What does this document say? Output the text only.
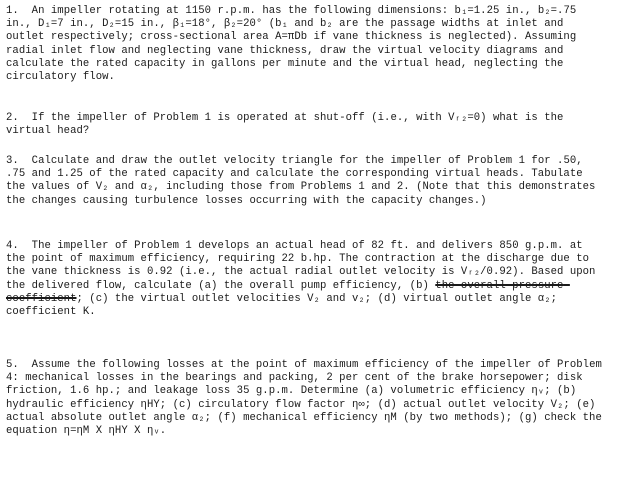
1. An impeller rotating at 1150 r.p.m. has the following dimensions: b₁=1.25 in., b₂=.75 in., D₁=7 in., D₂=15 in., β₁=18°, β₂=20° (b₁ and b₂ are the passage widths at inlet and outlet respectively; cross-sectional area A=πDb if vane thickness is neglected). Assuming radial inlet flow and neglecting vane thickness, draw the virtual velocity diagrams and calculate the rated capacity in gallons per minute and the virtual head, neglecting the circulatory flow.
2. If the impeller of Problem 1 is operated at shut-off (i.e., with Vᵣ₂=0) what is the virtual head?
3. Calculate and draw the outlet velocity triangle for the impeller of Problem 1 for .50, .75 and 1.25 of the rated capacity and calculate the corresponding virtual heads. Tabulate the values of V₂ and α₂, including those from Problems 1 and 2. (Note that this demonstrates the changes causing turbulence losses occurring with the capacity changes.)
4. The impeller of Problem 1 develops an actual head of 82 ft. and delivers 850 g.p.m. at the point of maximum efficiency, requiring 22 b.hp. The contraction at the discharge due to the vane thickness is 0.92 (i.e., the actual radial outlet velocity is Vᵣ₂/0.92). Based upon the delivered flow, calculate (a) the overall pump efficiency, (b) the overall pressure coefficient; (c) the virtual outlet velocities V₂ and v₂; (d) virtual outlet angle α₂; coefficient K.
5. Assume the following losses at the point of maximum efficiency of the impeller of Problem 4: mechanical losses in the bearings and packing, 2 per cent of the brake horsepower; disk friction, 1.6 hp.; and leakage loss 35 g.p.m. Determine (a) volumetric efficiency ηᵥ; (b) hydraulic efficiency ηHY; (c) circulatory flow factor η∞; (d) actual outlet velocity V₂; (e) actual absolute outlet angle α₂; (f) mechanical efficiency ηM (by two methods); (g) check the equation η=ηM X ηHY X ηᵥ.
